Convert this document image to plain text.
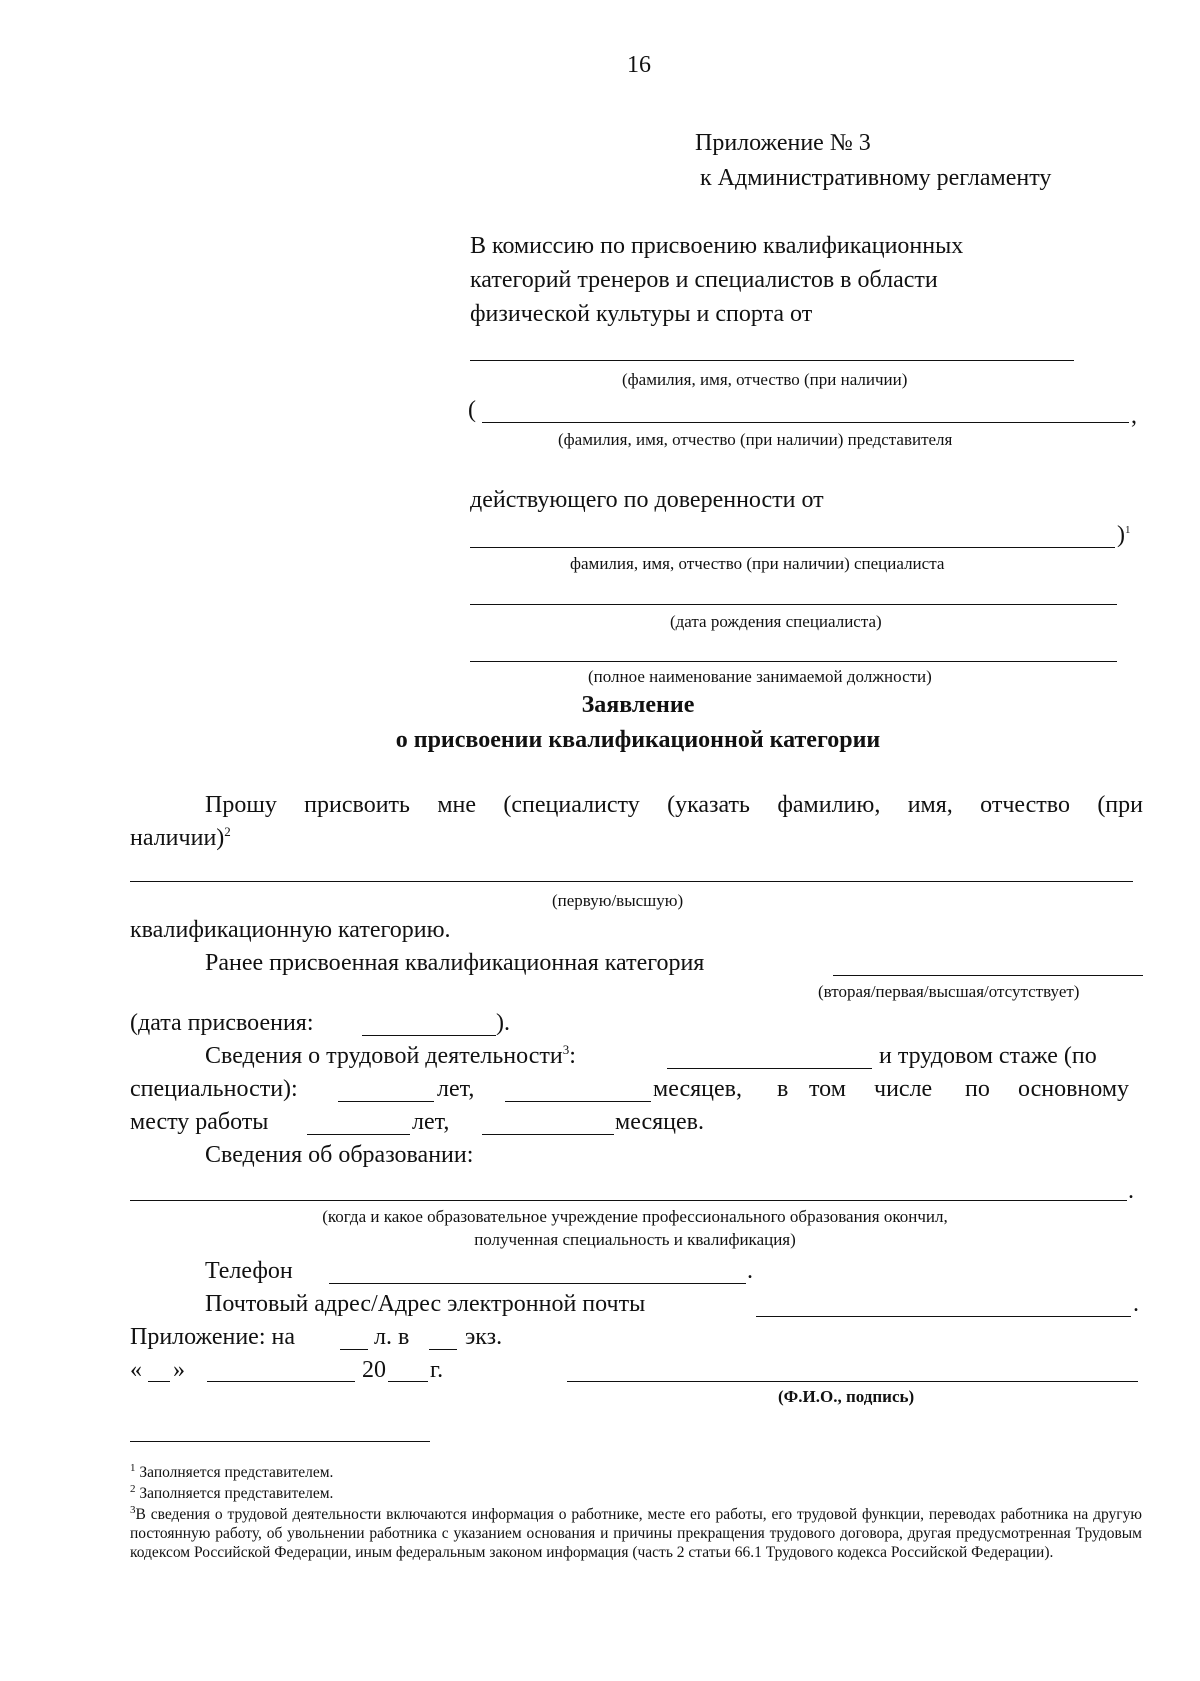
16
Приложение № 3
к Административному регламенту
В комиссию по присвоению квалификационных
категорий тренеров и специалистов в области
физической культуры и спорта от
(фамилия, имя, отчество (при наличии)
(	,
(фамилия, имя, отчество (при наличии) представителя
действующего по доверенности от
)$^1$
фамилия, имя, отчество (при наличии) специалиста
(дата рождения специалиста)
(полное наименование занимаемой должности)
Заявление
о присвоении квалификационной категории
Прошу присвоить мне (специалисту (указать фамилию, имя, отчество (при
наличии)$^2$
(первую/высшую)
квалификационную категорию.
Ранее присвоенная квалификационная категория
(вторая/первая/высшая/отсутствует)
(дата присвоения:	).
Сведения о трудовой деятельности$^3$:	и трудовом стаже (по
специальности):	лет,	месяцев, в том числе по основному
месту работы	лет,	месяцев.
Сведения об образовании:
.
(когда и какое образовательное учреждение профессионального образования окончил,
полученная специальность и квалификация)
Телефон	.
Почтовый адрес/Адрес электронной почты	.
Приложение: на	л. в экз.
« »	20 г.
(Ф.И.О., подпись)
$^1$ Заполняется представителем.
$^2$ Заполняется представителем.
$^3$В сведения о трудовой деятельности включаются информация о работнике, месте его работы, его трудовой функции, переводах работника на другую постоянную работу, об увольнении работника с указанием основания и причины прекращения трудового договора, другая предусмотренная Трудовым кодексом Российской Федерации, иным федеральным законом информация (часть 2 статьи 66.1 Трудового кодекса Российской Федерации).
